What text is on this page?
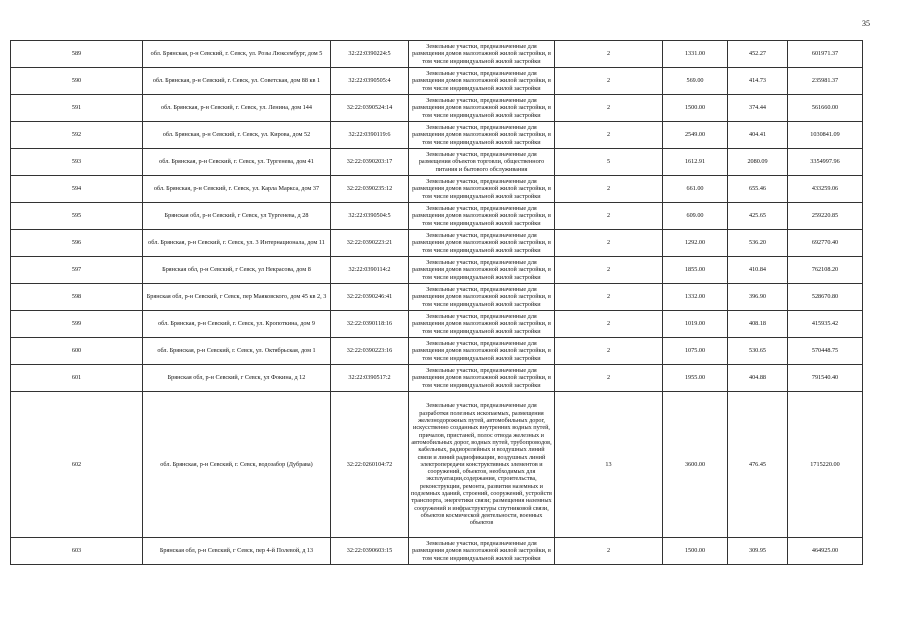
35
589	обл. Брянская, р-н Севский, г. Севск, ул. Розы Люксембург, дом 5	32:22:0390224:5	Земельные участки, предназначенные для размещения домов малоэтажной жилой застройки, в том числе индивидуальной жилой застройки	2	1331.00	452.27	601971.37
590	обл. Брянская, р-н Севский, г. Севск, ул. Советская, дом 88 кв 1	32:22:0390505:4	Земельные участки, предназначенные для размещения домов малоэтажной жилой застройки, в том числе индивидуальной жилой застройки	2	569.00	414.73	235981.37
591	обл. Брянская, р-н Севский, г. Севск, ул. Ленина, дом 144	32:22:0390524:14	Земельные участки, предназначенные для размещения домов малоэтажной жилой застройки, в том числе индивидуальной жилой застройки	2	1500.00	374.44	561660.00
592	обл. Брянская, р-н Севский, г. Севск, ул. Кирова, дом 52	32:22:0390119:6	Земельные участки, предназначенные для размещения домов малоэтажной жилой застройки, в том числе индивидуальной жилой застройки	2	2549.00	404.41	1030841.09
593	обл. Брянская, р-н Севский, г. Севск, ул. Тургенева, дом 41	32:22:0390203:17	Земельные участки, предназначенные для размещения объектов торговли, общественного питания и бытового обслуживания	5	1612.91	2080.09	3354997.96
594	обл. Брянская, р-н Севский, г. Севск, ул. Карла Маркса, дом 37	32:22:0390235:12	Земельные участки, предназначенные для размещения домов малоэтажной жилой застройки, в том числе индивидуальной жилой застройки	2	661.00	655.46	433259.06
595	Брянская обл, р-н Севский, г Севск, ул Тургенева, д 28	32:22:0390504:5	Земельные участки, предназначенные для размещения домов малоэтажной жилой застройки, в том числе индивидуальной жилой застройки	2	609.00	425.65	259220.85
596	обл. Брянская, р-н Севский, г. Севск, ул. 3 Интернационала, дом 11	32:22:0390223:21	Земельные участки, предназначенные для размещения домов малоэтажной жилой застройки, в том числе индивидуальной жилой застройки	2	1292.00	536.20	692770.40
597	Брянская обл, р-н Севский, г Севск, ул Некрасова, дом 8	32:22:0390114:2	Земельные участки, предназначенные для размещения домов малоэтажной жилой застройки, в том числе индивидуальной жилой застройки	2	1855.00	410.84	762108.20
598	Брянская обл, р-н Севский, г Севск, пер Маяковского, дом 45 кв 2, 3	32:22:0390246:41	Земельные участки, предназначенные для размещения домов малоэтажной жилой застройки, в том числе индивидуальной жилой застройки	2	1332.00	396.90	528670.80
599	обл. Брянская, р-н Севский, г. Севск, ул. Кропоткина, дом 9	32:22:0390118:16	Земельные участки, предназначенные для размещения домов малоэтажной жилой застройки, в том числе индивидуальной жилой застройки	2	1019.00	408.18	415935.42
600	обл. Брянская, р-н Севский, г. Севск, ул. Октябрьская, дом 1	32:22:0390223:16	Земельные участки, предназначенные для размещения домов малоэтажной жилой застройки, в том числе индивидуальной жилой застройки	2	1075.00	530.65	570448.75
601	Брянская обл, р-н Севский, г Севск, ул Фокина, д 12	32:22:0390517:2	Земельные участки, предназначенные для размещения домов малоэтажной жилой застройки, в том числе индивидуальной жилой застройки	2	1955.00	404.88	791540.40
602	обл. Брянская, р-н Севский, г. Севск, водозабор (Дубрава)	32:22:0260104:72	Земельные участки, предназначенные для разработки полезных ископаемых, размещения железнодорожных путей, автомобильных дорог, искусственно созданных внутренних водных путей, причалов, пристаней, полос отвода железных и автомобильных дорог, водных путей, трубопроводов, кабельных, радиорелейных и воздушных линий связи и линий радиофикации, воздушных линий электропередачи конструктивных элементов и сооружений, объектов, необходимых для эксплуатации,содержания, строительства, реконструкции, ремонта, развития наземных и подземных зданий, строений, сооружений, устройств транспорта, энергетики связи; размещения наземных сооружений и инфраструктуры спутниковой связи, объектов космической деятельности, военных объектов	13	3600.00	476.45	1715220.00
603	Брянская обл, р-н Севский, г Севск, пер 4-й Полевой, д 13	32:22:0390603:15	Земельные участки, предназначенные для размещения домов малоэтажной жилой застройки, в том числе индивидуальной жилой застройки	2	1500.00	309.95	464925.00
